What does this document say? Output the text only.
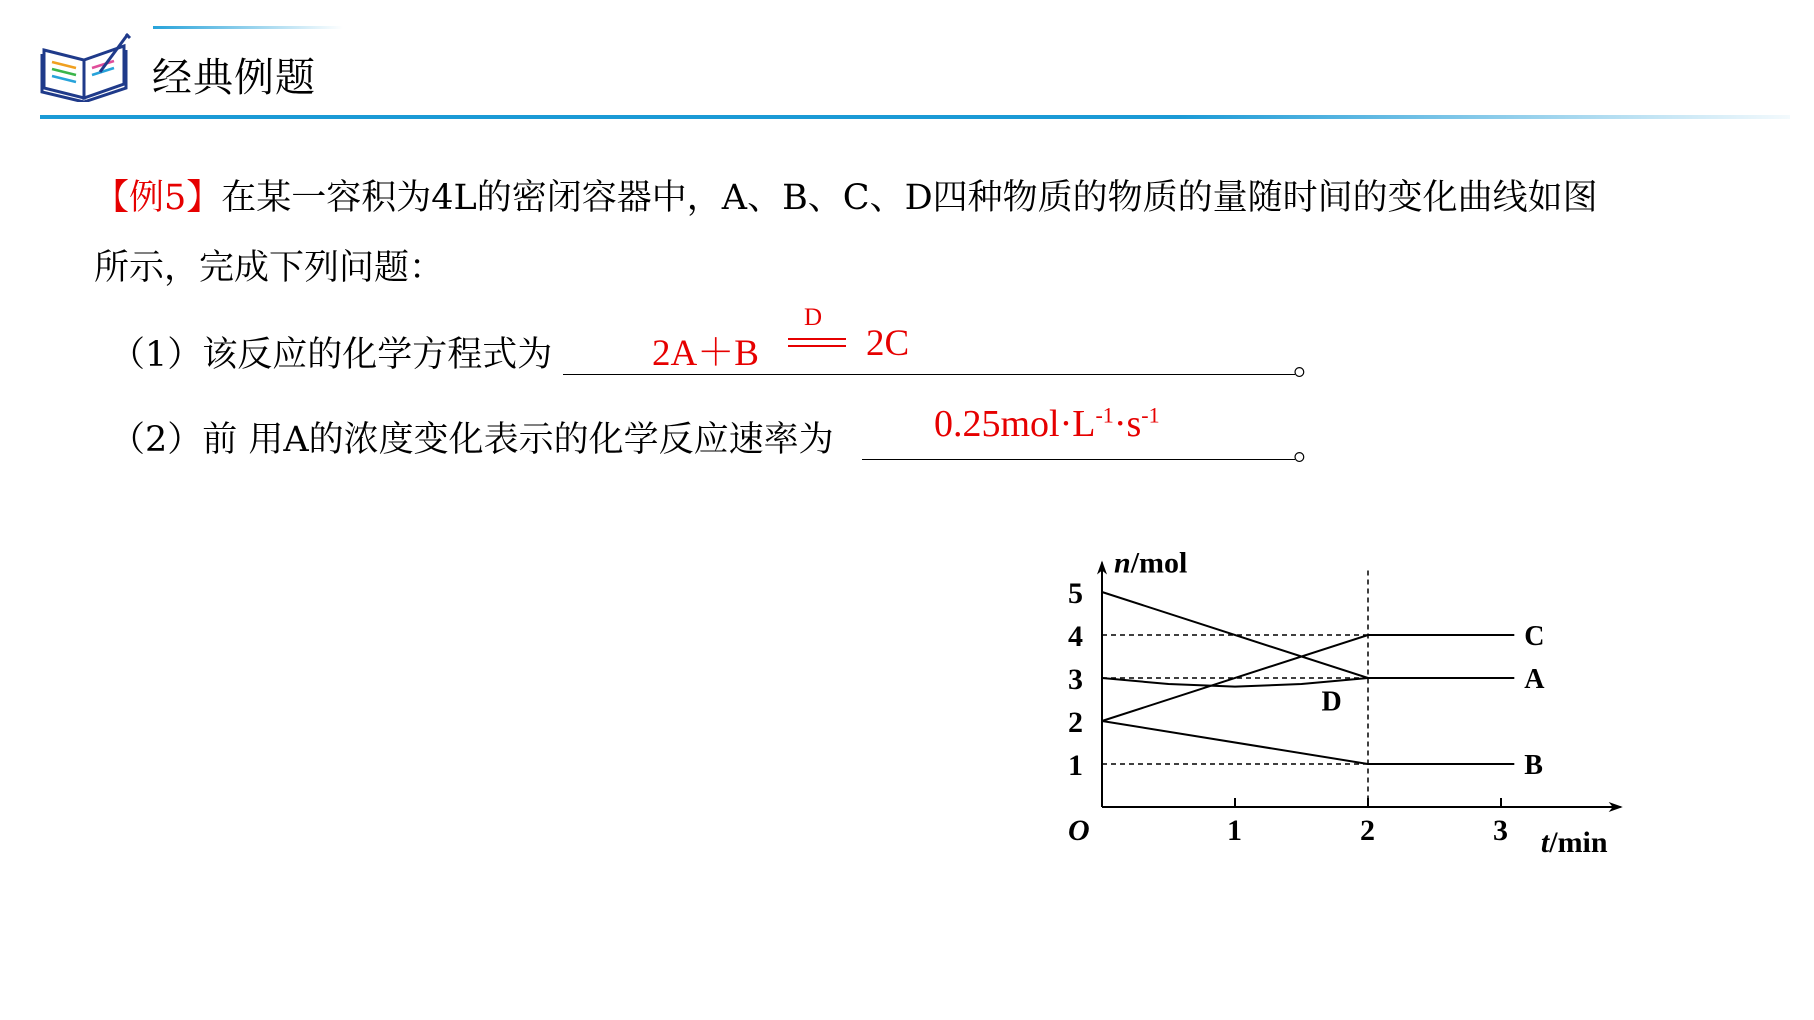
经典例题
【例5】在某一容积为4L的密闭容器中，A、B、C、D四种物质的物质的量随时间的变化曲线如图
所示，完成下列问题：
（1）该反应的化学方程式为	。
2A＋B
D
2C
（2）前 用A的浓度变化表示的化学反应速率为	。
$0.25mol\cdot L^{-1}\cdot s^{-1}$
C
A
B
D
1	2	3
1
2
3
4
5
O
n/mol
t/min
